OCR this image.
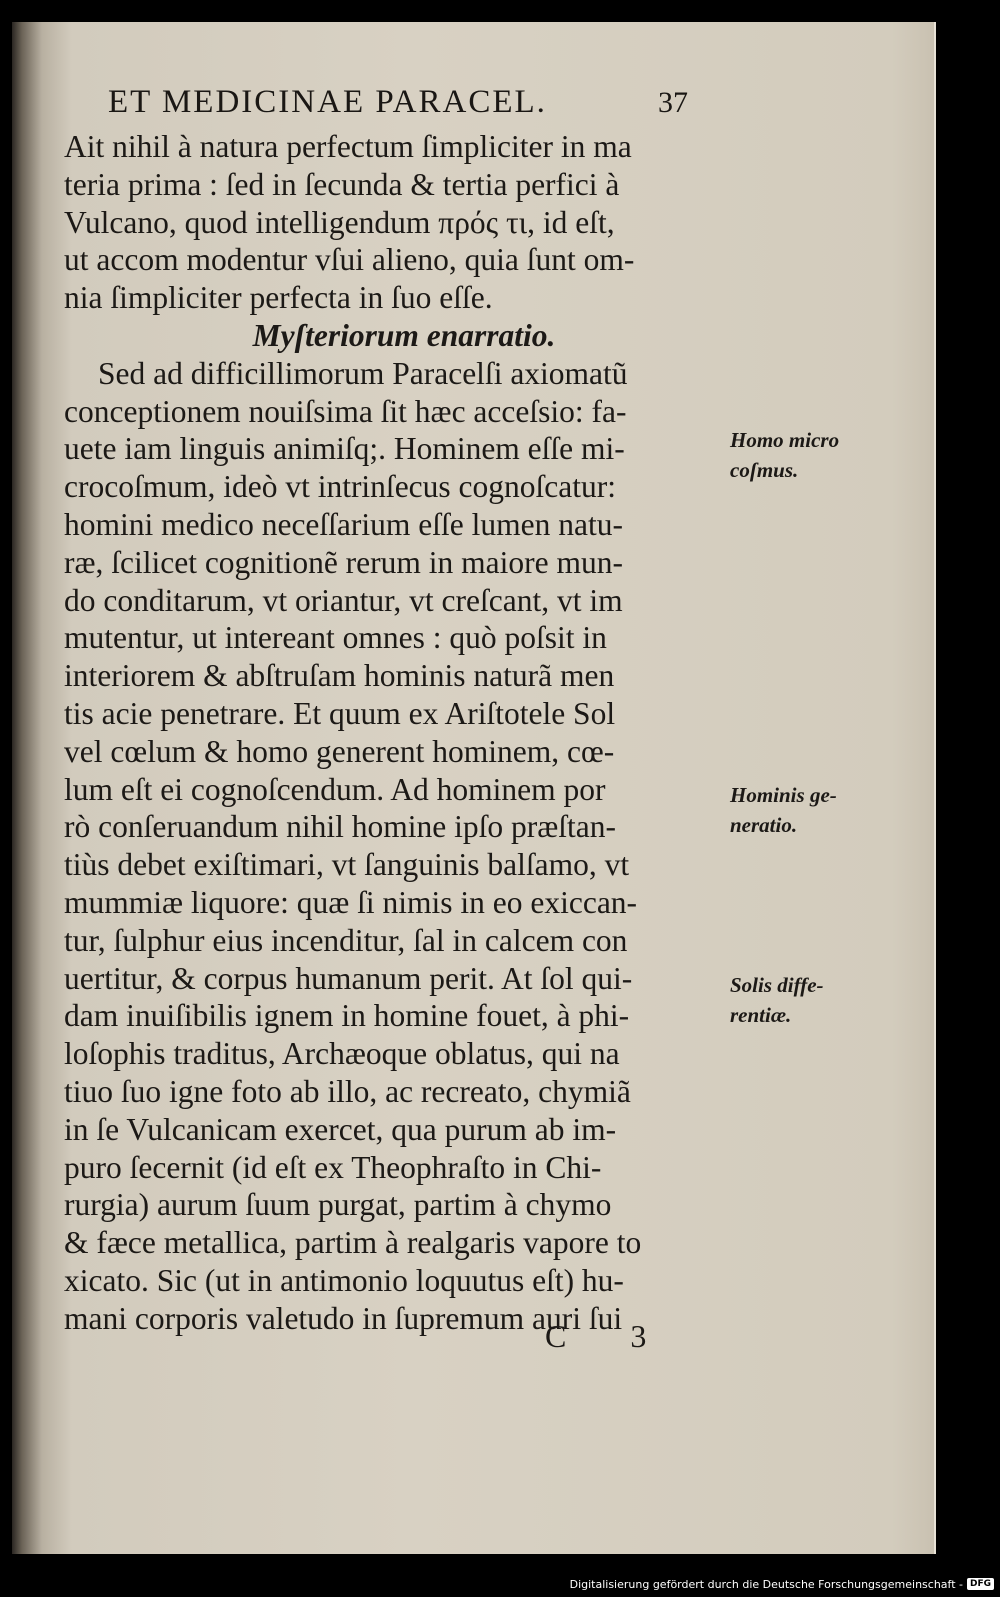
ET MEDICINAE PARACEL.	37
Ait nihil à natura perfectum ſimpliciter in ma
teria prima : ſed in ſecunda & tertia perfici à
Vulcano, quod intelligendum πρός τι, id eſt,
ut accom modentur vſui alieno, quia ſunt om-
nia ſimpliciter perfecta in ſuo eſſe.
Myſteriorum enarratio.
Sed ad difficillimorum Paracelſi axiomatũ
conceptionem nouiſsima ſit hæc acceſsio: fa-
uete iam linguis animiſq;. Hominem eſſe mi-
crocoſmum, ideò vt intrinſecus cognoſcatur:
homini medico neceſſarium eſſe lumen natu-
ræ, ſcilicet cognitionẽ rerum in maiore mun-
do conditarum, vt oriantur, vt creſcant, vt im
mutentur, ut intereant omnes : quò poſsit in
interiorem & abſtruſam hominis naturã men
tis acie penetrare. Et quum ex Ariſtotele Sol
vel cœlum & homo generent hominem, cœ-
lum eſt ei cognoſcendum. Ad hominem por
rò conſeruandum nihil homine ipſo præſtan-
tiùs debet exiſtimari, vt ſanguinis balſamo, vt
mummiæ liquore: quæ ſi nimis in eo exiccan-
tur, ſulphur eius incenditur, ſal in calcem con
uertitur, & corpus humanum perit. At ſol qui-
dam inuiſibilis ignem in homine fouet, à phi-
loſophis traditus, Archæoque oblatus, qui na
tiuo ſuo igne foto ab illo, ac recreato, chymiã
in ſe Vulcanicam exercet, qua purum ab im-
puro ſecernit (id eſt ex Theophraſto in Chi-
rurgia) aurum ſuum purgat, partim à chymo
& fæce metallica, partim à realgaris vapore to
xicato. Sic (ut in antimonio loquutus eſt) hu-
mani corporis valetudo in ſupremum auri ſui
Homo micro
coſmus.
Hominis ge-
neratio.
Solis diffe-
rentiæ.
C 3
Digitalisierung gefördert durch die Deutsche Forschungsgemeinschaft - DFG
